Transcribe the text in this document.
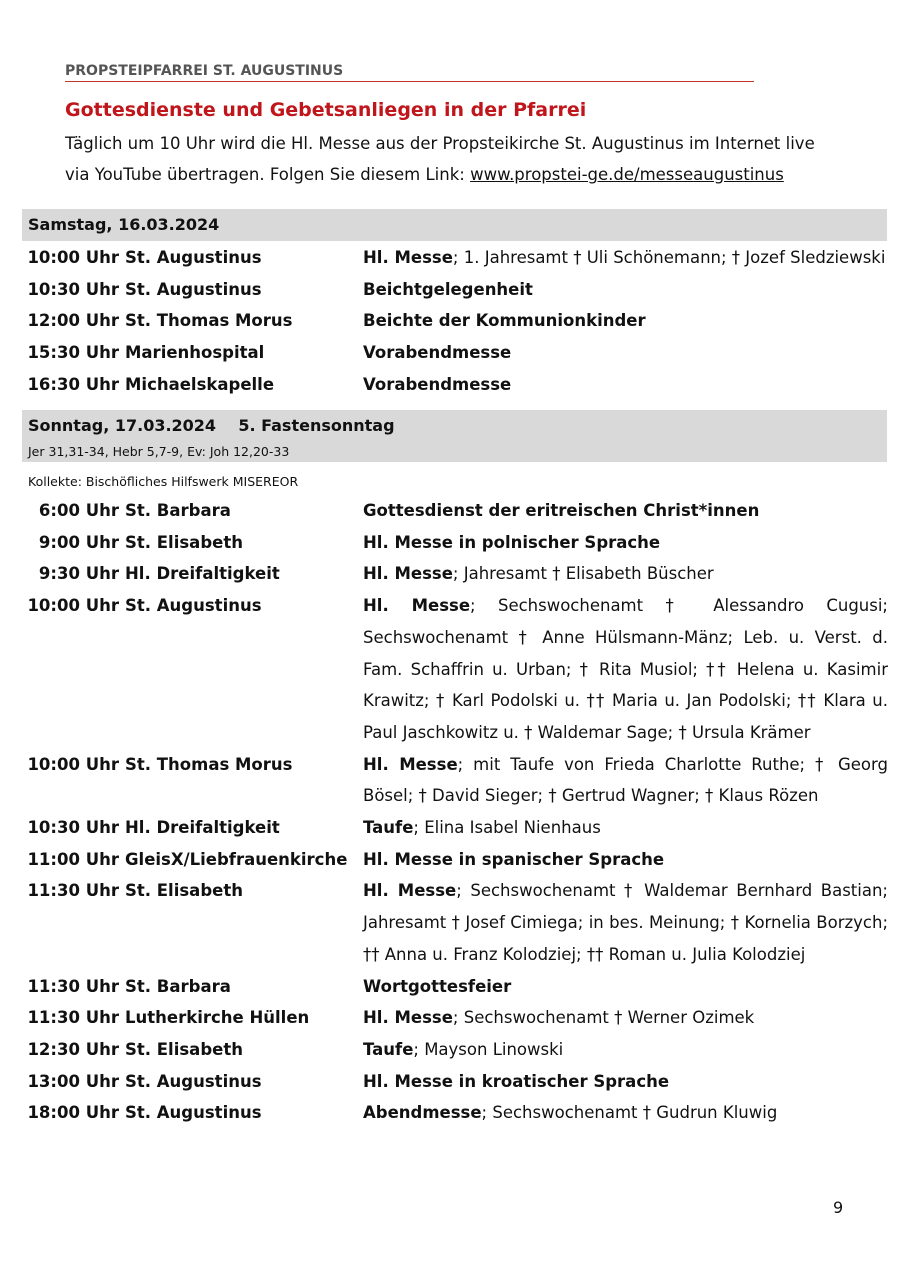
PROPSTEIPFARREI ST. AUGUSTINUS
Gottesdienste und Gebetsanliegen in der Pfarrei
Täglich um 10 Uhr wird die Hl. Messe aus der Propsteikirche St. Augustinus im Internet live
via YouTube übertragen. Folgen Sie diesem Link: www.propstei-ge.de/messeaugustinus
Samstag, 16.03.2024
10:00 Uhr St. Augustinus	Hl. Messe; 1. Jahresamt † Uli Schönemann; † Jozef Sledziewski
10:30 Uhr St. Augustinus	Beichtgelegenheit
12:00 Uhr St. Thomas Morus	Beichte der Kommunionkinder
15:30 Uhr Marienhospital	Vorabendmesse
16:30 Uhr Michaelskapelle	Vorabendmesse
Sonntag, 17.03.2024    5. Fastensonntag
Jer 31,31-34, Hebr 5,7-9, Ev: Joh 12,20-33
Kollekte: Bischöfliches Hilfswerk MISEREOR
6:00 Uhr St. Barbara	Gottesdienst der eritreischen Christ*innen
9:00 Uhr St. Elisabeth	Hl. Messe in polnischer Sprache
9:30 Uhr Hl. Dreifaltigkeit	Hl. Messe; Jahresamt † Elisabeth Büscher
10:00 Uhr St. Augustinus	Hl. Messe; Sechswochenamt † Alessandro Cugusi; Sechswochenamt † Anne Hülsmann-Mänz; Leb. u. Verst. d. Fam. Schaffrin u. Urban; † Rita Musiol; †† Helena u. Kasimir Krawitz; † Karl Podolski u. †† Maria u. Jan Podolski; †† Klara u. Paul Jaschkowitz u. † Waldemar Sage; † Ursula Krämer
10:00 Uhr St. Thomas Morus	Hl. Messe; mit Taufe von Frieda Charlotte Ruthe; † Georg Bösel; † David Sieger; † Gertrud Wagner; † Klaus Rözen
10:30 Uhr Hl. Dreifaltigkeit	Taufe; Elina Isabel Nienhaus
11:00 Uhr GleisX/Liebfrauenkirche Hl. Messe in spanischer Sprache
11:30 Uhr St. Elisabeth	Hl. Messe; Sechswochenamt † Waldemar Bernhard Bastian; Jahresamt † Josef Cimiega; in bes. Meinung; † Kornelia Borzych; †† Anna u. Franz Kolodziej; †† Roman u. Julia Kolodziej
11:30 Uhr St. Barbara	Wortgottesfeier
11:30 Uhr Lutherkirche Hüllen	Hl. Messe; Sechswochenamt † Werner Ozimek
12:30 Uhr St. Elisabeth	Taufe; Mayson Linowski
13:00 Uhr St. Augustinus	Hl. Messe in kroatischer Sprache
18:00 Uhr St. Augustinus	Abendmesse; Sechswochenamt † Gudrun Kluwig
9
